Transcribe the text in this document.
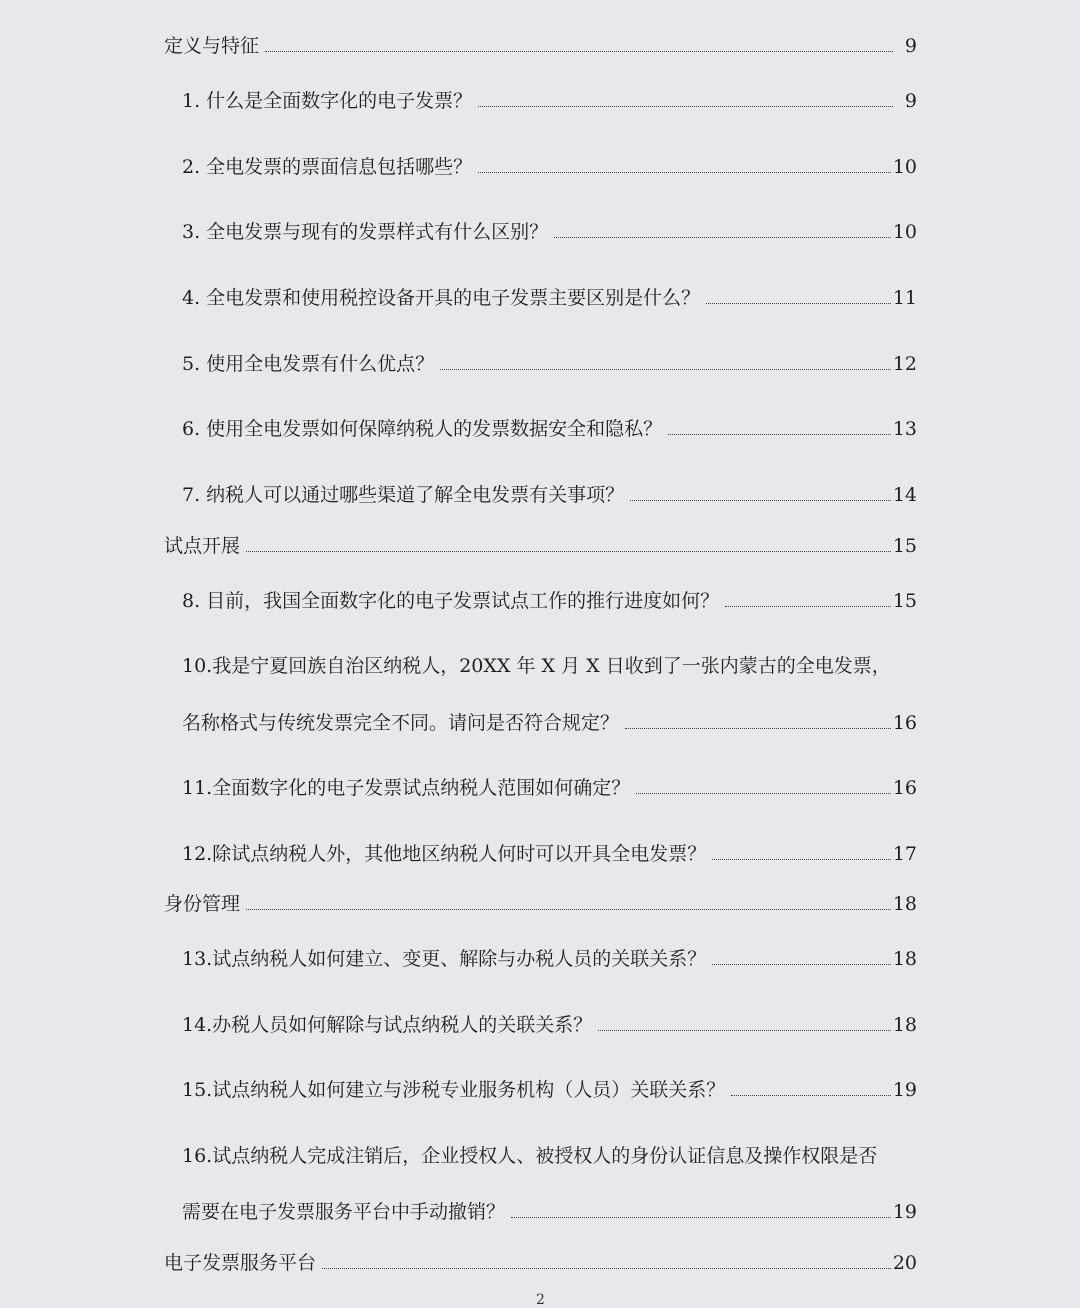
定义与特征	9
1. 什么是全面数字化的电子发票？	9
2. 全电发票的票面信息包括哪些？	10
3. 全电发票与现有的发票样式有什么区别？	10
4. 全电发票和使用税控设备开具的电子发票主要区别是什么？	11
5. 使用全电发票有什么优点？	12
6. 使用全电发票如何保障纳税人的发票数据安全和隐私？	13
7. 纳税人可以通过哪些渠道了解全电发票有关事项？	14
试点开展	15
8. 目前，我国全面数字化的电子发票试点工作的推行进度如何？	15
10.我是宁夏回族自治区纳税人，20XX 年 X 月 X 日收到了一张内蒙古的全电发票，
名称格式与传统发票完全不同。请问是否符合规定？	16
11.全面数字化的电子发票试点纳税人范围如何确定？	16
12.除试点纳税人外，其他地区纳税人何时可以开具全电发票？	17
身份管理	18
13.试点纳税人如何建立、变更、解除与办税人员的关联关系？	18
14.办税人员如何解除与试点纳税人的关联关系？	18
15.试点纳税人如何建立与涉税专业服务机构（人员）关联关系？	19
16.试点纳税人完成注销后，企业授权人、被授权人的身份认证信息及操作权限是否
需要在电子发票服务平台中手动撤销？	19
电子发票服务平台	20
2
